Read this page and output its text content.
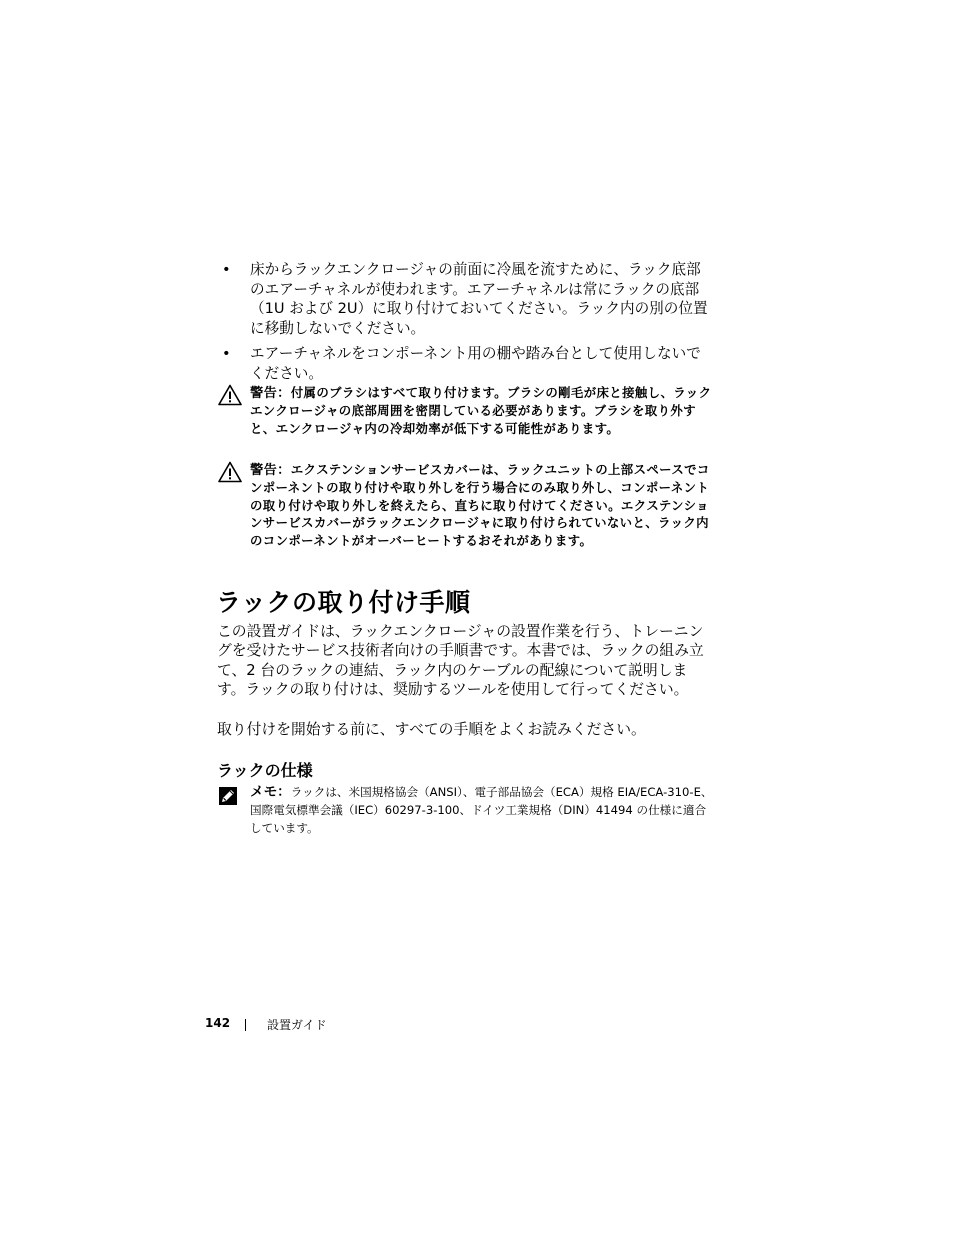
• 床からラックエンクロージャの前面に冷風を流すために、ラック底部のエアーチャネルが使われます。エアーチャネルは常にラックの底部（1U および 2U）に取り付けておいてください。ラック内の別の位置に移動しないでください。
• エアーチャネルをコンポーネント用の棚や踏み台として使用しないでください。
警告：付属のブラシはすべて取り付けます。ブラシの剛毛が床と接触し、ラックエンクロージャの底部周囲を密閉している必要があります。ブラシを取り外すと、エンクロージャ内の冷却効率が低下する可能性があります。
警告：エクステンションサービスカバーは、ラックユニットの上部スペースでコンポーネントの取り付けや取り外しを行う場合にのみ取り外し、コンポーネントの取り付けや取り外しを終えたら、直ちに取り付けてください。エクステンションサービスカバーがラックエンクロージャに取り付けられていないと、ラック内のコンポーネントがオーバーヒートするおそれがあります。
ラックの取り付け手順

この設置ガイドは、ラックエンクロージャの設置作業を行う、トレーニングを受けたサービス技術者向けの手順書です。本書では、ラックの組み立て、2 台のラックの連結、ラック内のケーブルの配線について説明します。ラックの取り付けは、奨励するツールを使用して行ってください。

取り付けを開始する前に、すべての手順をよくお読みください。

ラックの仕様
メモ：ラックは、米国規格協会（ANSI）、電子部品協会（ECA）規格 EIA/ECA-310-E、国際電気標準会議（IEC）60297-3-100、ドイツ工業規格（DIN）41494 の仕様に適合しています。
142	設置ガイド
